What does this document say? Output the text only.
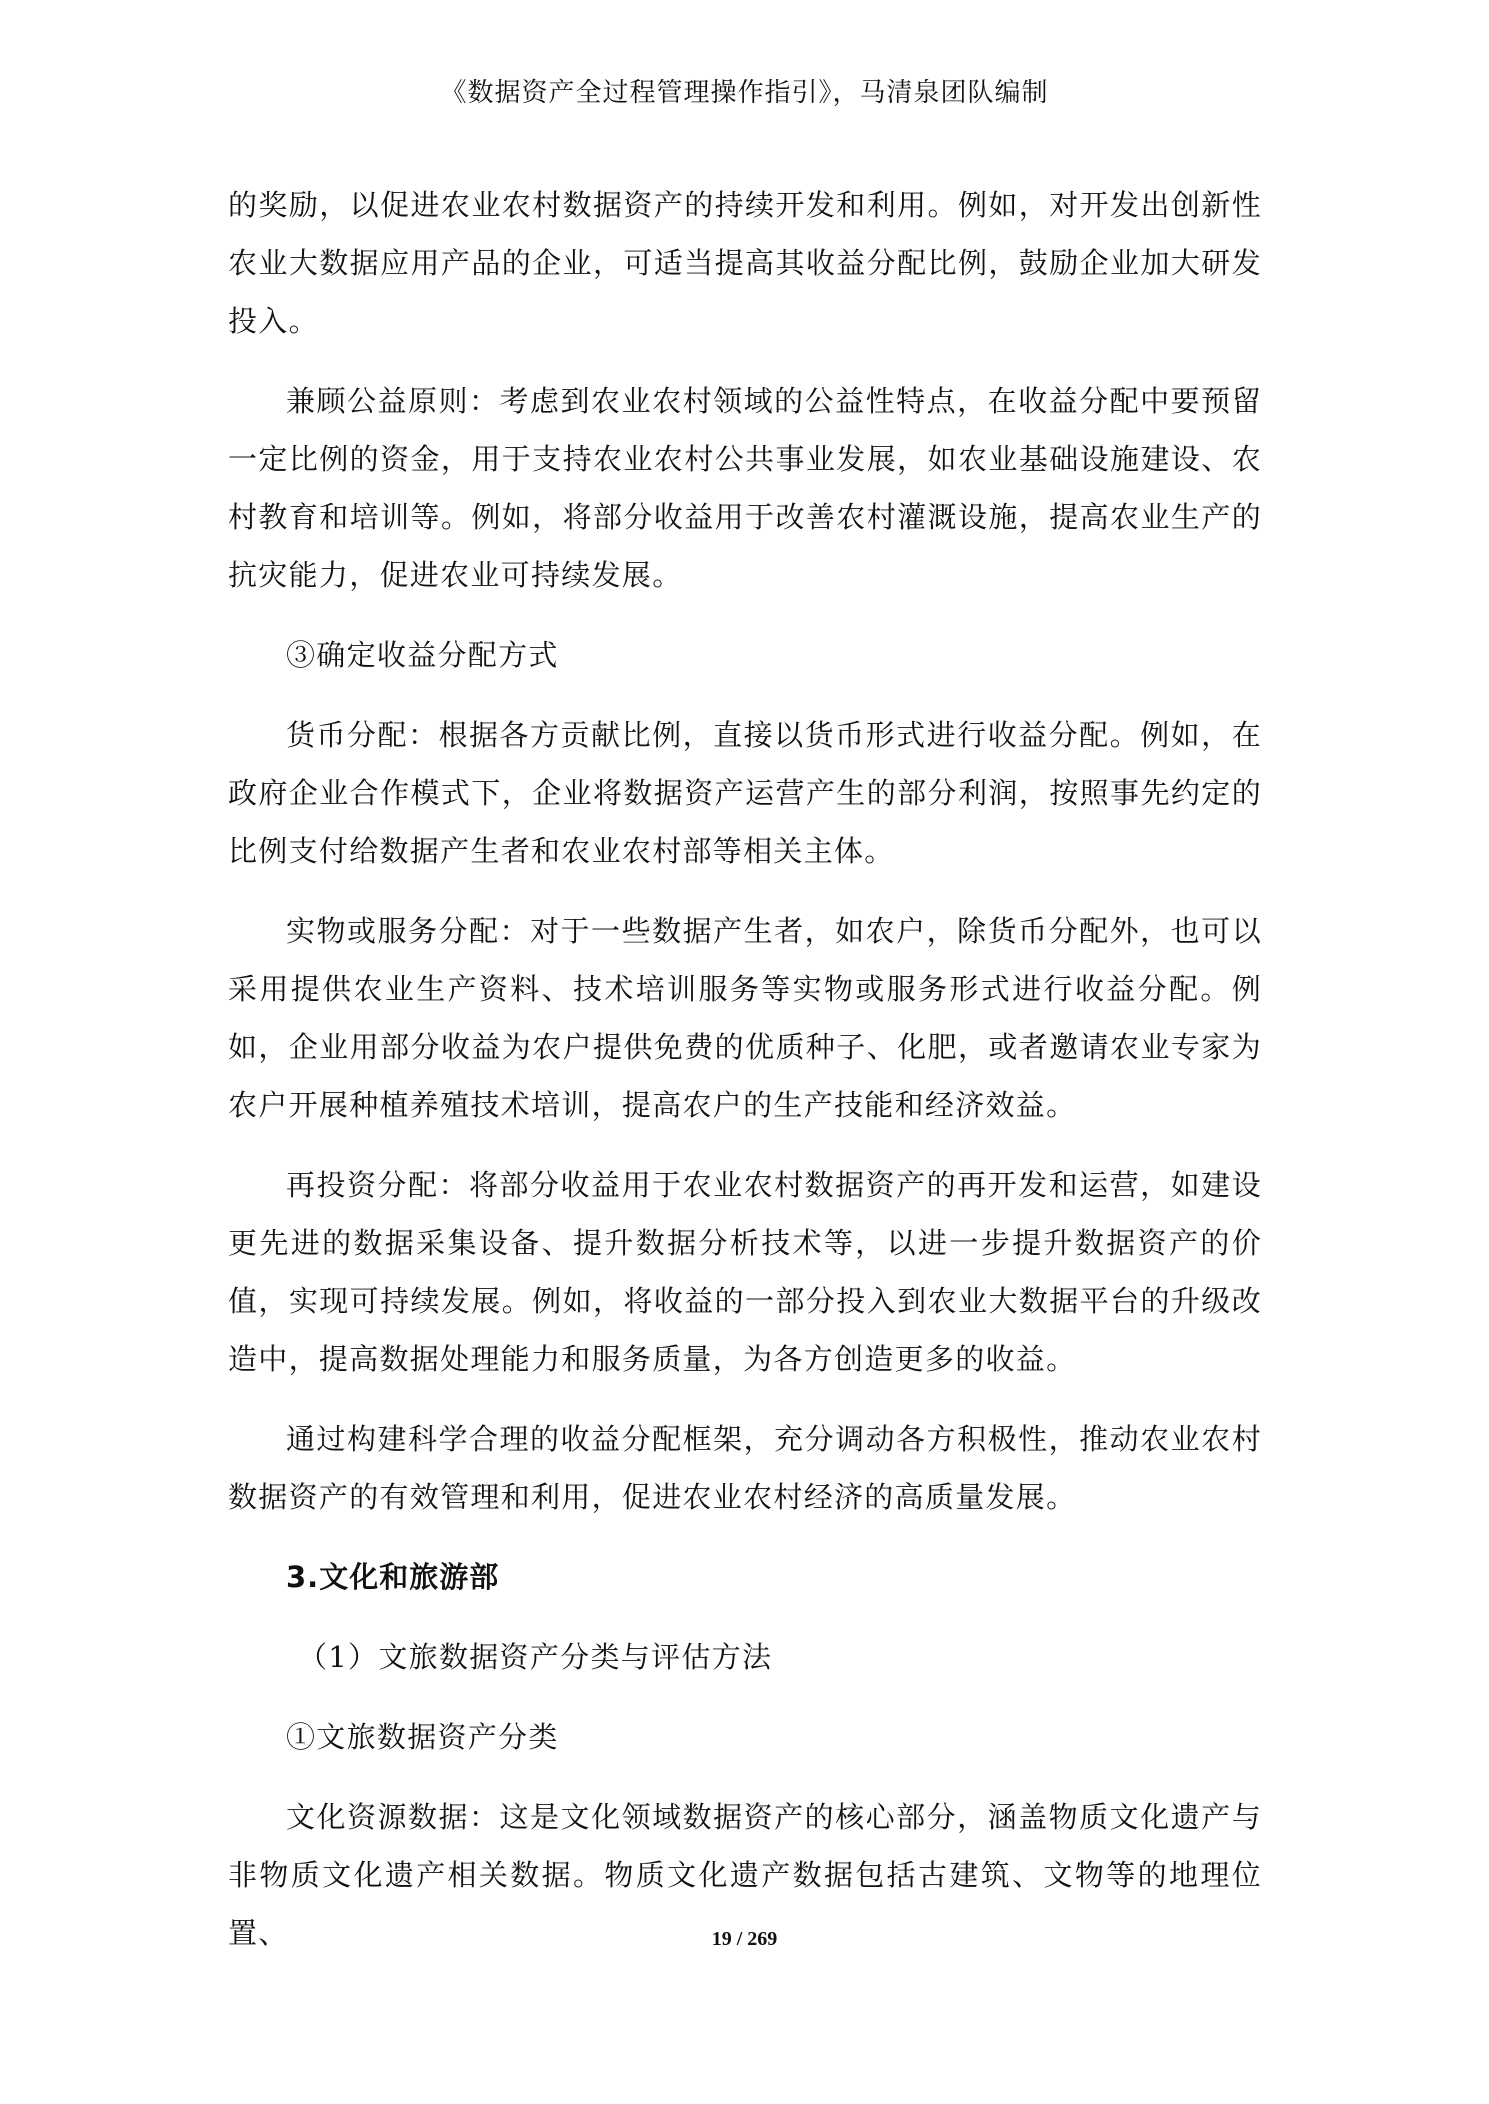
《数据资产全过程管理操作指引》，马清泉团队编制

的奖励，以促进农业农村数据资产的持续开发和利用。例如，对开发出创新性农业大数据应用产品的企业，可适当提高其收益分配比例，鼓励企业加大研发投入。

兼顾公益原则：考虑到农业农村领域的公益性特点，在收益分配中要预留一定比例的资金，用于支持农业农村公共事业发展，如农业基础设施建设、农村教育和培训等。例如，将部分收益用于改善农村灌溉设施，提高农业生产的抗灾能力，促进农业可持续发展。

③确定收益分配方式

货币分配：根据各方贡献比例，直接以货币形式进行收益分配。例如，在政府企业合作模式下，企业将数据资产运营产生的部分利润，按照事先约定的比例支付给数据产生者和农业农村部等相关主体。

实物或服务分配：对于一些数据产生者，如农户，除货币分配外，也可以采用提供农业生产资料、技术培训服务等实物或服务形式进行收益分配。例如，企业用部分收益为农户提供免费的优质种子、化肥，或者邀请农业专家为农户开展种植养殖技术培训，提高农户的生产技能和经济效益。

再投资分配：将部分收益用于农业农村数据资产的再开发和运营，如建设更先进的数据采集设备、提升数据分析技术等，以进一步提升数据资产的价值，实现可持续发展。例如，将收益的一部分投入到农业大数据平台的升级改造中，提高数据处理能力和服务质量，为各方创造更多的收益。

通过构建科学合理的收益分配框架，充分调动各方积极性，推动农业农村数据资产的有效管理和利用，促进农业农村经济的高质量发展。

3.文化和旅游部

（1）文旅数据资产分类与评估方法

①文旅数据资产分类

文化资源数据：这是文化领域数据资产的核心部分，涵盖物质文化遗产与非物质文化遗产相关数据。物质文化遗产数据包括古建筑、文物等的地理位置、	19 / 269
